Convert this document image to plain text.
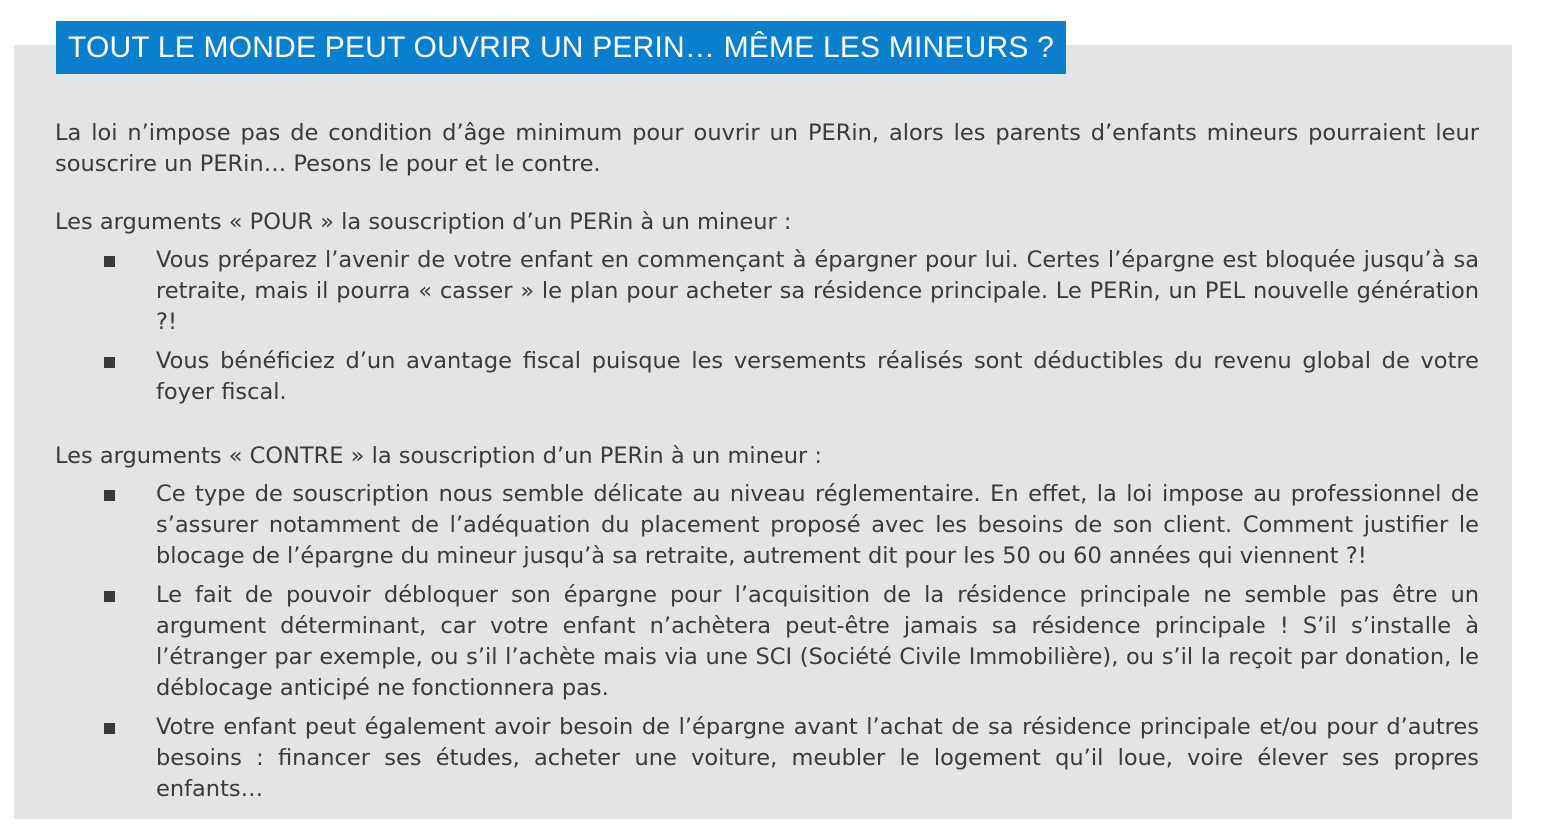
TOUT LE MONDE PEUT OUVRIR UN PERIN… MÊME LES MINEURS ?

La loi n’impose pas de condition d’âge minimum pour ouvrir un PERin, alors les parents d’enfants mineurs pourraient leur souscrire un PERin… Pesons le pour et le contre.

Les arguments « POUR » la souscription d’un PERin à un mineur :

Vous préparez l’avenir de votre enfant en commençant à épargner pour lui. Certes l’épargne est bloquée jusqu’à sa retraite, mais il pourra « casser » le plan pour acheter sa résidence principale. Le PERin, un PEL nouvelle génération ?!
Vous bénéficiez d’un avantage fiscal puisque les versements réalisés sont déductibles du revenu global de votre foyer fiscal.

Les arguments « CONTRE » la souscription d’un PERin à un mineur :

Ce type de souscription nous semble délicate au niveau réglementaire. En effet, la loi impose au professionnel de s’assurer notamment de l’adéquation du placement proposé avec les besoins de son client. Comment justifier le blocage de l’épargne du mineur jusqu’à sa retraite, autrement dit pour les 50 ou 60 années qui viennent ?!
Le fait de pouvoir débloquer son épargne pour l’acquisition de la résidence principale ne semble pas être un argument déterminant, car votre enfant n’achètera peut-être jamais sa résidence principale ! S’il s’installe à l’étranger par exemple, ou s’il l’achète mais via une SCI (Société Civile Immobilière), ou s’il la reçoit par donation, le déblocage anticipé ne fonctionnera pas.
Votre enfant peut également avoir besoin de l’épargne avant l’achat de sa résidence principale et/ou pour d’autres besoins : financer ses études, acheter une voiture, meubler le logement qu’il loue, voire élever ses propres enfants…
